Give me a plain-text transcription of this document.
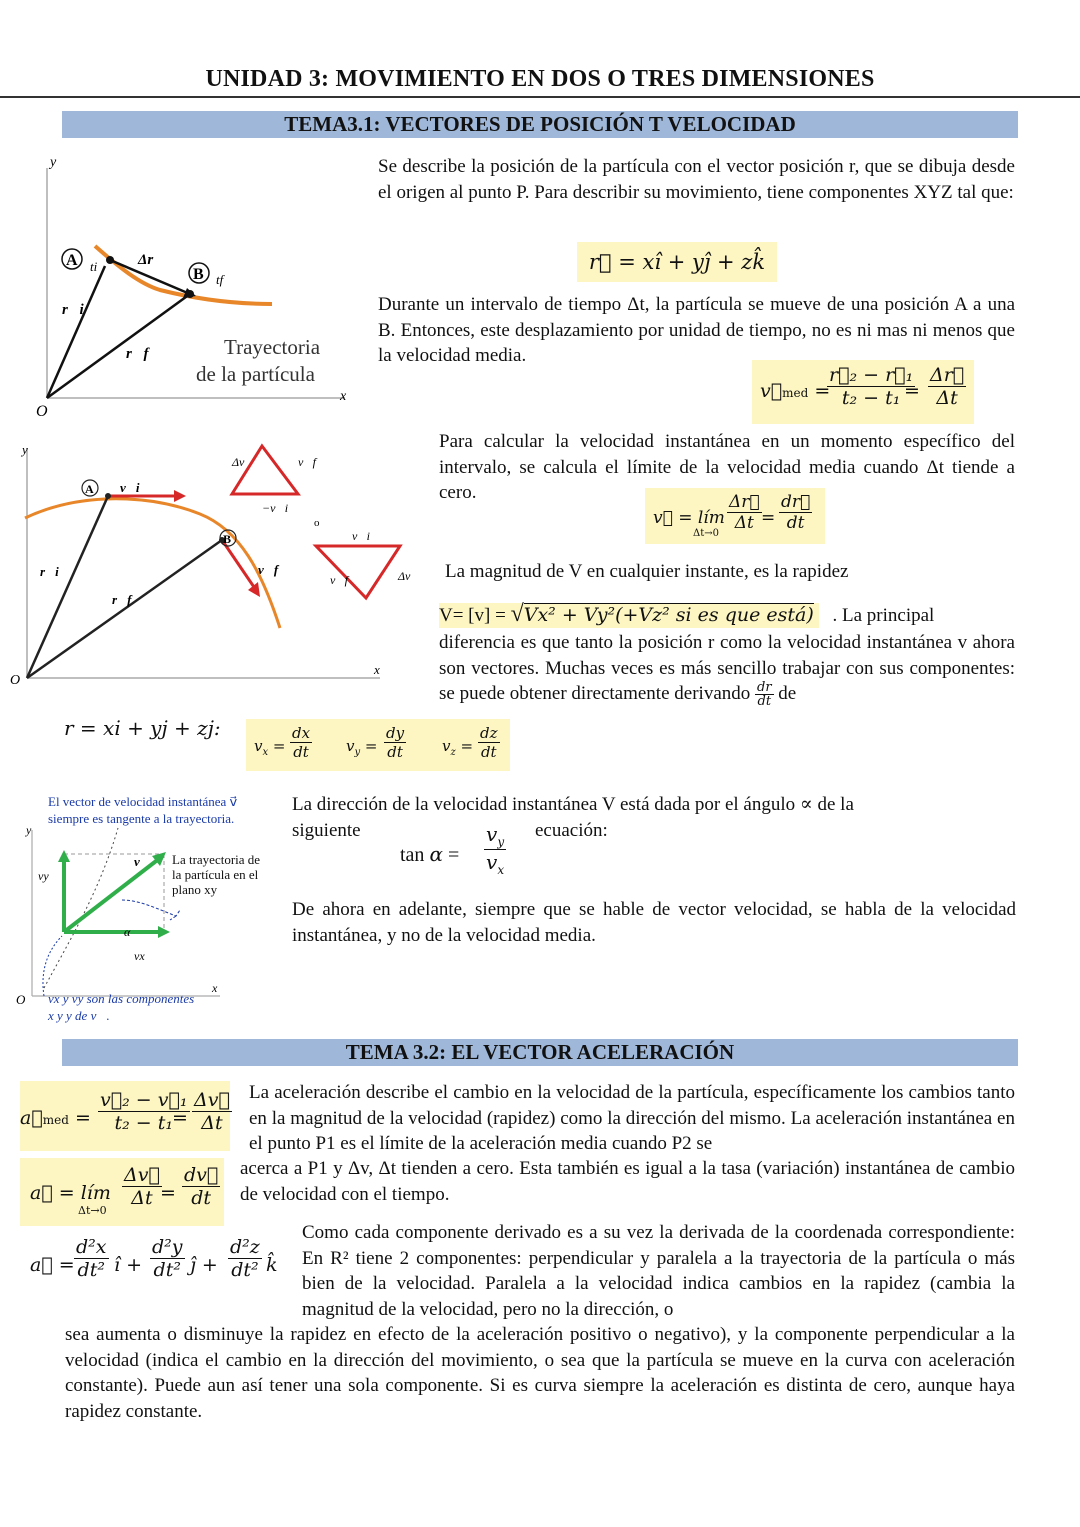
UNIDAD 3: MOVIMIENTO EN DOS O TRES DIMENSIONES
TEMA3.1: VECTORES DE POSICIÓN T VELOCIDAD
A
B
ti
tf
Δr⃗
r⃗i
r⃗f	Trayectoria
de la partícula
x
y
O
Se describe la posición de la partícula con el vector posición r, que se dibuja desde el origen al punto P. Para describir su movimiento, tiene componentes XYZ tal que:
r⃗ = xî + yĵ + zk̂
Durante un intervalo de tiempo Δt, la partícula se mueve de una posición A a una B. Entonces, este desplazamiento por unidad de tiempo, no es ni mas ni menos que la velocidad media.
v⃗med =
$\frac{\text{r⃗₂ − r⃗₁}}{\text{t₂ − t₁}}$
= $\frac{\Delta r⃗}{\Delta t}$
A
B
v⃗i
v⃗f
Δv⃗	v⃗f
−v⃗i
v⃗i
v⃗f	Δv⃗
o
r⃗i
r⃗f
x
y
O
Para calcular la velocidad instantánea en un momento específico del intervalo, se calcula el límite de la velocidad media cuando Δt tiende a cero.
v⃗ = lím
Δt→0
$\frac{\Delta r⃗}{\Delta t} = \frac{dr⃗}{dt}$
La magnitud de V en cualquier instante, es la rapidez
V= [v] = √Vx² + Vy²(+Vz² si es que está) . La principal
diferencia es que tanto la posición r como la velocidad instantánea v ahora son vectores. Muchas veces es más sencillo trabajar con sus componentes: se puede obtener directamente derivando $\frac{dr}{dt}$ de
r = xi + yj + zj:
$v_x = \frac{dx}{dt} v_y = \frac{dy}{dt} v_z = \frac{dz}{dt}$
El vector de velocidad instantánea v⃗
siempre es tangente a la trayectoria.
v⃗
vy
vx
α
x
y
O
La trayectoria de
la partícula en el
plano xy
vx y vy son las componentes
x y y de v⃗.
La dirección de la velocidad instantánea V está dada por el ángulo ∝ de la
siguiente	ecuación:
$\tan \alpha = \frac{v_y}{v_x}$
De ahora en adelante, siempre que se hable de vector velocidad, se habla de la velocidad instantánea, y no de la velocidad media.
TEMA 3.2: EL VECTOR ACELERACIÓN
a⃗med = $\frac{\text{v⃗₂ − v⃗₁}}{\text{t₂ − t₁}}$
= $\frac{\Delta v⃗}{\Delta t}$
a⃗ = lím
Δt→0
$\frac{\Delta v⃗}{\Delta t}$
= $\frac{dv⃗}{dt}$
a⃗ = $\frac{\text{d²x}}{\text{dt²}}$ î + $\frac{\text{d²y}}{\text{dt²}}$ ĵ + $\frac{\text{d²z}}{\text{dt²}}$ k̂
La aceleración describe el cambio en la velocidad de la partícula, específicamente los cambios tanto en la magnitud de la velocidad (rapidez) como la dirección del mismo. La aceleración instantánea en el punto P1 es el límite de la aceleración media cuando P2 se
acerca a P1 y Δv, Δt tienden a cero. Esta también es igual a la tasa (variación) instantánea de cambio de velocidad con el tiempo.
Como cada componente derivado es a su vez la derivada de la coordenada correspondiente: En R² tiene 2 componentes: perpendicular y paralela a la trayectoria de la partícula o más bien de la velocidad. Paralela a la velocidad indica cambios en la rapidez (cambia la magnitud de la velocidad, pero no la dirección, o
sea aumenta o disminuye la rapidez en efecto de la aceleración positivo o negativo), y la componente perpendicular a la velocidad (indica el cambio en la dirección del movimiento, o sea que la partícula se mueve en la curva con aceleración constante). Puede aun así tener una sola componente. Si es curva siempre la aceleración es distinta de cero, aunque haya rapidez constante.
